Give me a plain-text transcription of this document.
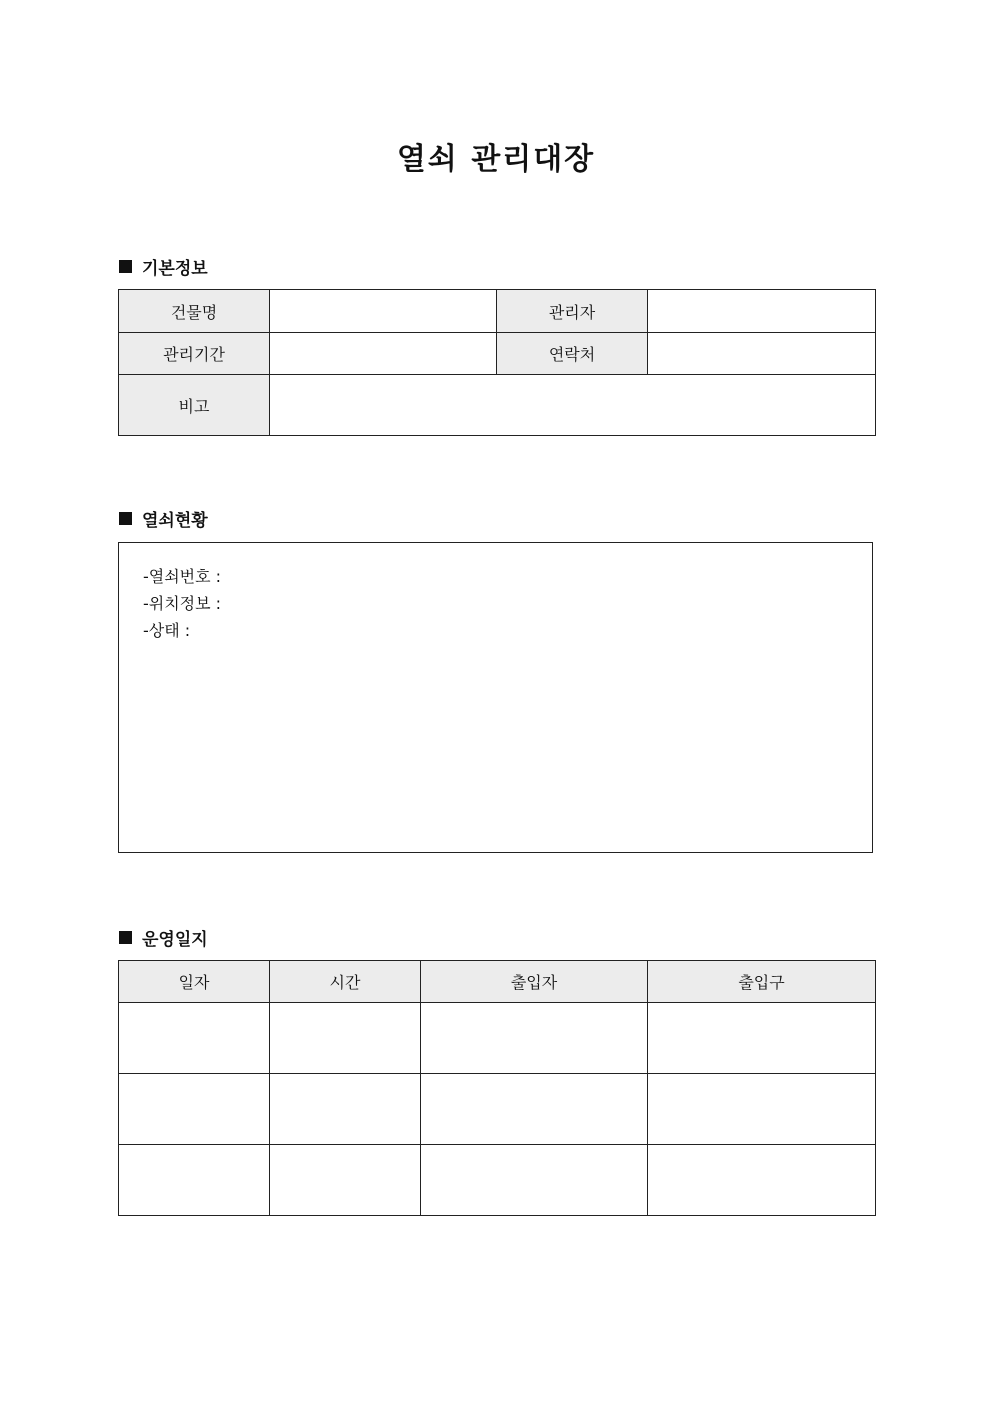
열쇠 관리대장
기본정보
건물명		관리자	
관리기간		연락처	
비고			
열쇠현황
-열쇠번호 :
-위치정보 :
-상태 :
운영일지
일자	시간	출입자	출입구
